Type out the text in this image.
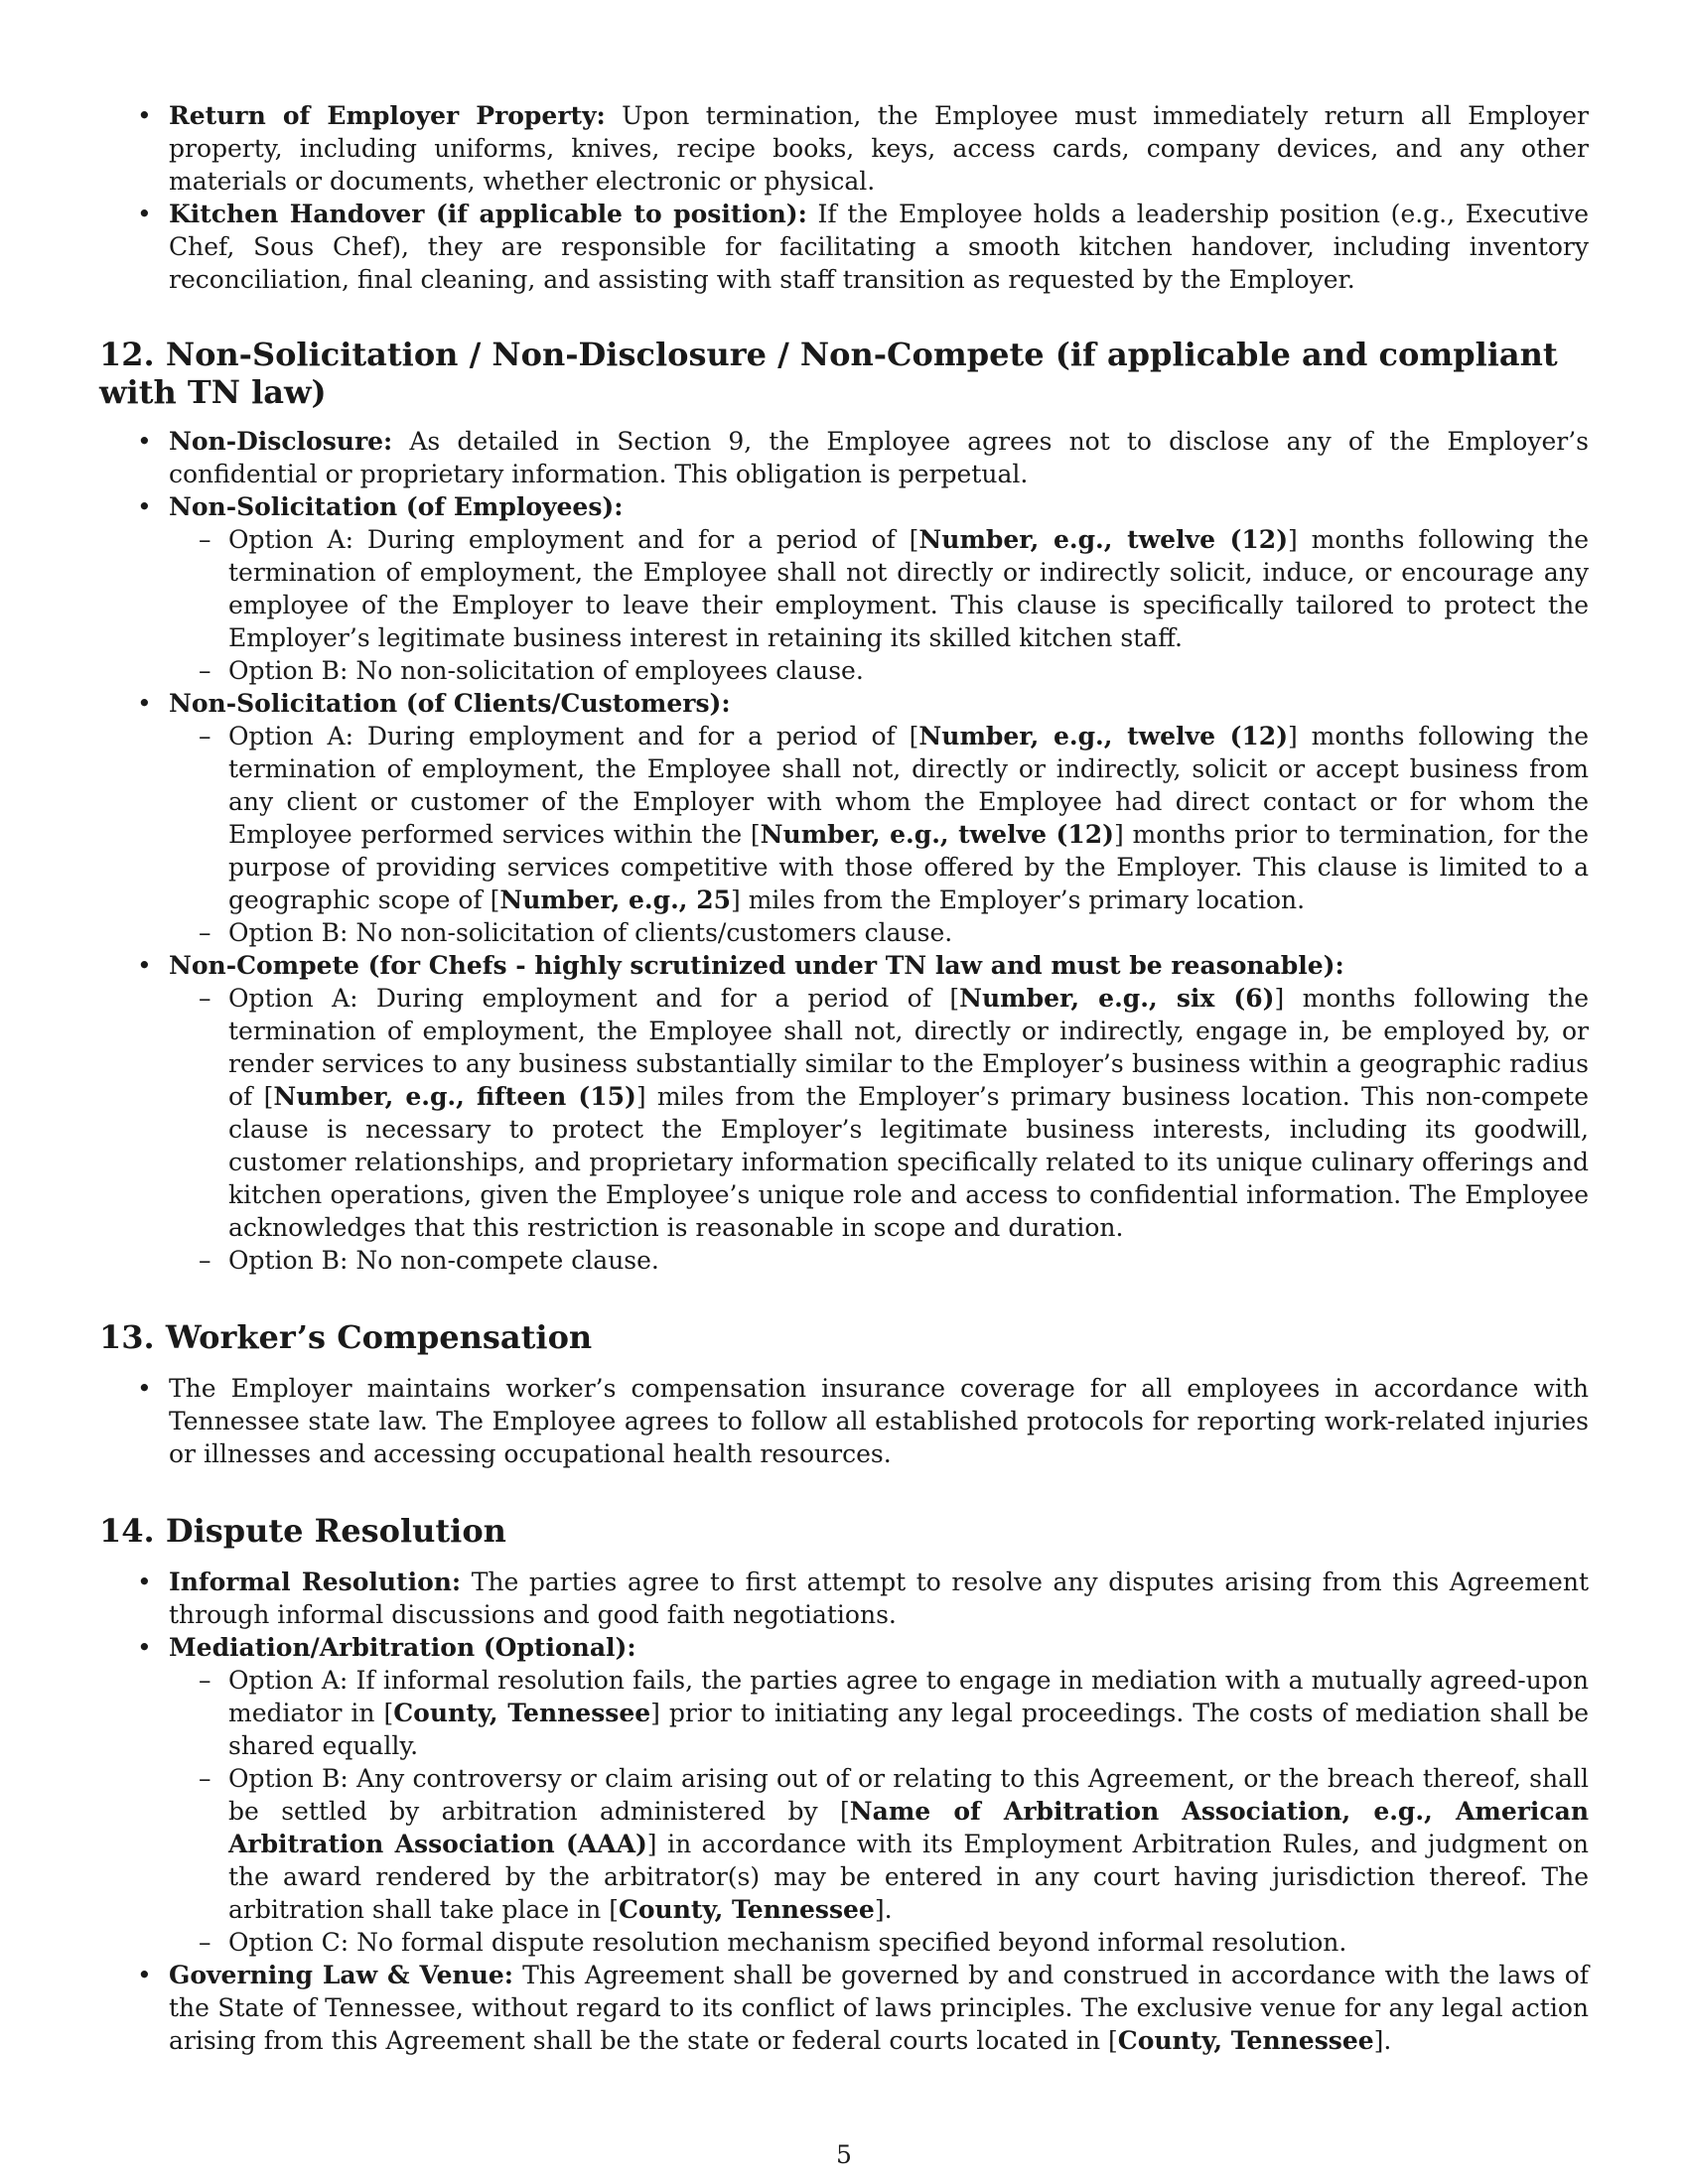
• Return of Employer Property: Upon termination, the Employee must immediately return all Employer property, including uniforms, knives, recipe books, keys, access cards, company devices, and any other materials or documents, whether electronic or physical.
• Kitchen Handover (if applicable to position): If the Employee holds a leadership position (e.g., Executive Chef, Sous Chef), they are responsible for facilitating a smooth kitchen handover, including inventory reconciliation, final cleaning, and assisting with staff transition as requested by the Employer.
12. Non-Solicitation / Non-Disclosure / Non-Compete (if applicable and compliant with TN law)
• Non-Disclosure: As detailed in Section 9, the Employee agrees not to disclose any of the Employer’s confidential or proprietary information. This obligation is perpetual.
• Non-Solicitation (of Employees):
– Option A: During employment and for a period of [Number, e.g., twelve (12)] months following the termination of employment, the Employee shall not directly or indirectly solicit, induce, or encourage any employee of the Employer to leave their employment. This clause is specifically tailored to protect the Employer’s legitimate business interest in retaining its skilled kitchen staff.
– Option B: No non-solicitation of employees clause.
• Non-Solicitation (of Clients/Customers):
– Option A: During employment and for a period of [Number, e.g., twelve (12)] months following the termination of employment, the Employee shall not, directly or indirectly, solicit or accept business from any client or customer of the Employer with whom the Employee had direct contact or for whom the Employee performed services within the [Number, e.g., twelve (12)] months prior to termination, for the purpose of providing services competitive with those offered by the Employer. This clause is limited to a geographic scope of [Number, e.g., 25] miles from the Employer’s primary location.
– Option B: No non-solicitation of clients/customers clause.
• Non-Compete (for Chefs - highly scrutinized under TN law and must be reasonable):
– Option A: During employment and for a period of [Number, e.g., six (6)] months following the termination of employment, the Employee shall not, directly or indirectly, engage in, be employed by, or render services to any business substantially similar to the Employer’s business within a geographic radius of [Number, e.g., fifteen (15)] miles from the Employer’s primary business location. This non-compete clause is necessary to protect the Employer’s legitimate business interests, including its goodwill, customer relationships, and proprietary information specifically related to its unique culinary offerings and kitchen operations, given the Employee’s unique role and access to confidential information. The Employee acknowledges that this restriction is reasonable in scope and duration.
– Option B: No non-compete clause.
13. Worker’s Compensation
• The Employer maintains worker’s compensation insurance coverage for all employees in accordance with Tennessee state law. The Employee agrees to follow all established protocols for reporting work-related injuries or illnesses and accessing occupational health resources.
14. Dispute Resolution
• Informal Resolution: The parties agree to first attempt to resolve any disputes arising from this Agreement through informal discussions and good faith negotiations.
• Mediation/Arbitration (Optional):
– Option A: If informal resolution fails, the parties agree to engage in mediation with a mutually agreed-upon mediator in [County, Tennessee] prior to initiating any legal proceedings. The costs of mediation shall be shared equally.
– Option B: Any controversy or claim arising out of or relating to this Agreement, or the breach thereof, shall be settled by arbitration administered by [Name of Arbitration Association, e.g., American Arbitration Association (AAA)] in accordance with its Employment Arbitration Rules, and judgment on the award rendered by the arbitrator(s) may be entered in any court having jurisdiction thereof. The arbitration shall take place in [County, Tennessee].
– Option C: No formal dispute resolution mechanism specified beyond informal resolution.
• Governing Law & Venue: This Agreement shall be governed by and construed in accordance with the laws of the State of Tennessee, without regard to its conflict of laws principles. The exclusive venue for any legal action arising from this Agreement shall be the state or federal courts located in [County, Tennessee].
5
